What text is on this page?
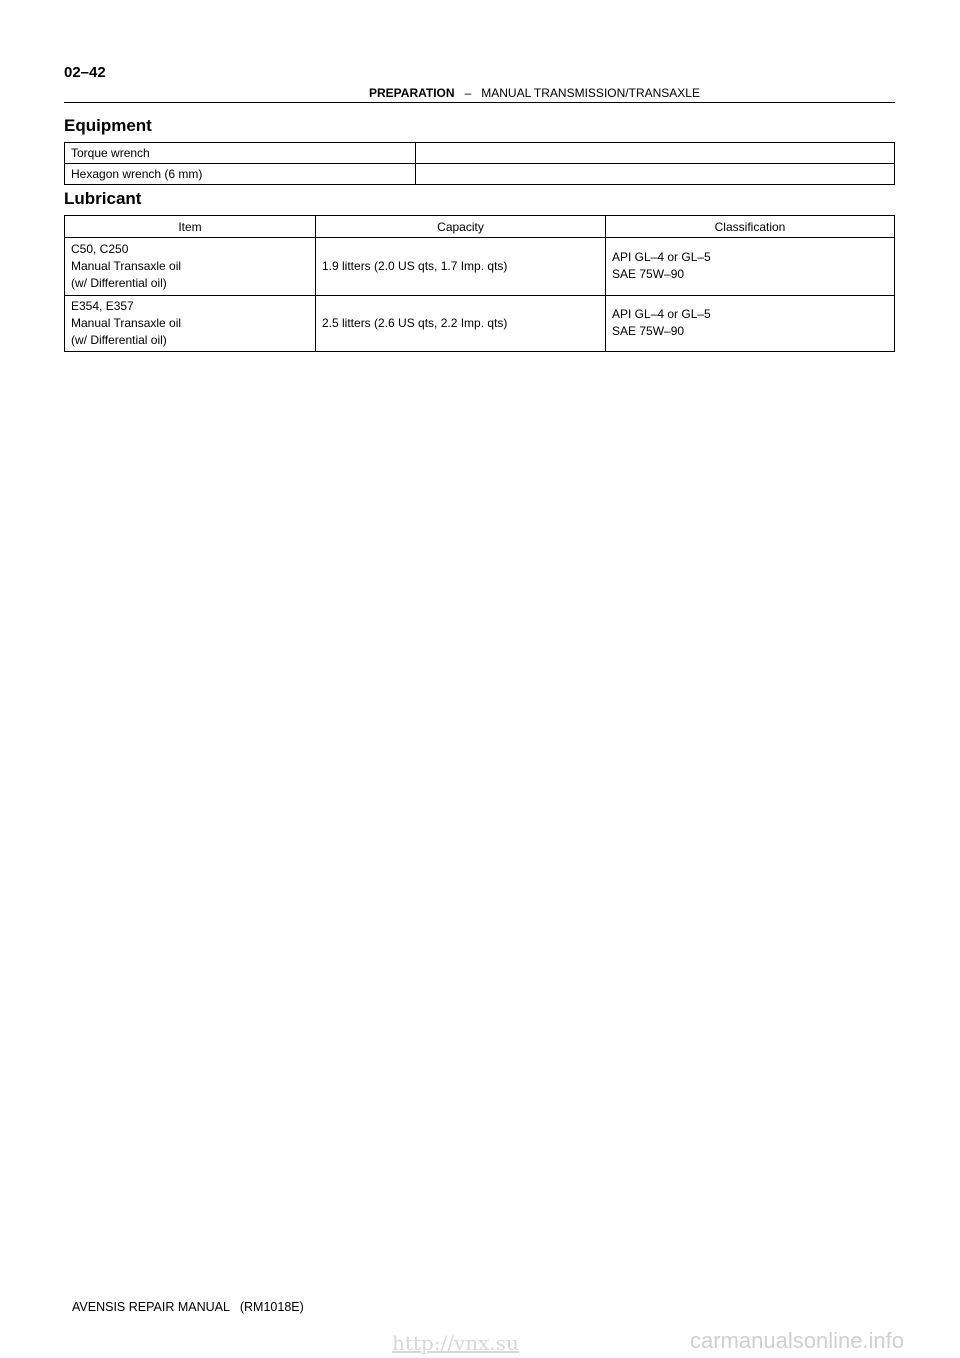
02–42
PREPARATION – MANUAL TRANSMISSION/TRANSAXLE
Equipment
Torque wrench	
Hexagon wrench (6 mm)	
Lubricant
Item	Capacity	Classification

C50, C250
Manual Transaxle oil
(w/ Differential oil)	1.9 litters (2.0 US qts, 1.7 Imp. qts)	API GL–4 or GL–5
SAE 75W–90

E354, E357
Manual Transaxle oil
(w/ Differential oil)	2.5 litters (2.6 US qts, 2.2 Imp. qts)	API GL–4 or GL–5
SAE 75W–90
AVENSIS REPAIR MANUAL   (RM1018E)
http://vnx.su	carmanualsonline.info
